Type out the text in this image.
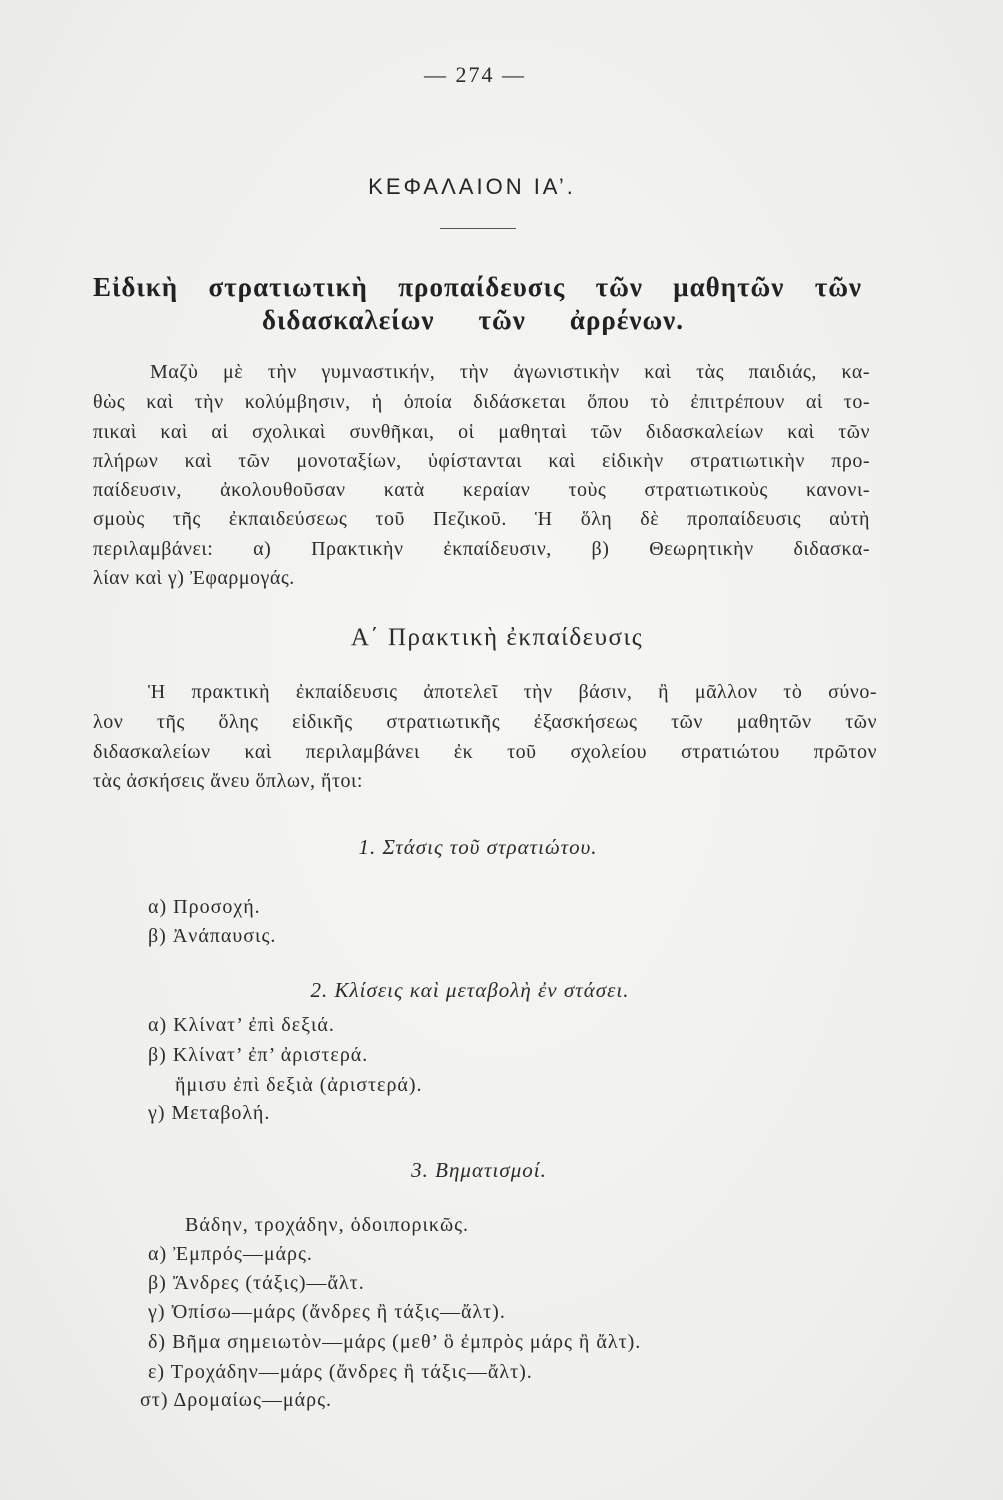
— 274 —
ΚΕΦΑΛΑΙΟΝ ΙΑ’.
Εἰδικὴ στρατιωτικὴ προπαίδευσις τῶν μαθητῶν τῶν
διδασκαλείων τῶν ἀρρένων.
Μαζὺ μὲ τὴν γυμναστικήν, τὴν ἀγωνιστικὴν καὶ τὰς παιδιάς, κα-
θὼς καὶ τὴν κολύμβησιν, ἡ ὁποία διδάσκεται ὅπου τὸ ἐπιτρέπουν αἱ το-
πικαὶ καὶ αἱ σχολικαὶ συνθῆκαι, οἱ μαθηταὶ τῶν διδασκαλείων καὶ τῶν
πλήρων καὶ τῶν μονοταξίων, ὑφίστανται καὶ εἰδικὴν στρατιωτικὴν προ-
παίδευσιν, ἀκολουθοῦσαν κατὰ κεραίαν τοὺς στρατιωτικοὺς κανονι-
σμοὺς τῆς ἐκπαιδεύσεως τοῦ Πεζικοῦ. Ἡ ὅλη δὲ προπαίδευσις αὐτὴ
περιλαμβάνει: α) Πρακτικὴν ἐκπαίδευσιν, β) Θεωρητικὴν διδασκα-
λίαν καὶ γ) Ἐφαρμογάς.
Α΄ Πρακτικὴ ἐκπαίδευσις
Ἡ πρακτικὴ ἐκπαίδευσις ἀποτελεῖ τὴν βάσιν, ἢ μᾶλλον τὸ σύνο-
λον τῆς ὅλης εἰδικῆς στρατιωτικῆς ἐξασκήσεως τῶν μαθητῶν τῶν
διδασκαλείων καὶ περιλαμβάνει ἐκ τοῦ σχολείου στρατιώτου πρῶτον
τὰς ἀσκήσεις ἄνευ ὅπλων, ἤτοι:
1. Στάσις τοῦ στρατιώτου.
α) Προσοχή.
β) Ἀνάπαυσις.
2. Κλίσεις καὶ μεταβολὴ ἐν στάσει.
α) Κλίνατ’ ἐπὶ δεξιά.
β) Κλίνατ’ ἐπ’ ἀριστερά.
ἥμισυ ἐπὶ δεξιὰ (ἀριστερά).
γ) Μεταβολή.
3. Βηματισμοί.
Βάδην, τροχάδην, ὁδοιπορικῶς.
α) Ἐμπρός—μάρς.
β) Ἄνδρες (τάξις)—ἄλτ.
γ) Ὀπίσω—μάρς (ἄνδρες ἢ τάξις—ἄλτ).
δ) Βῆμα σημειωτὸν—μάρς (μεθ’ ὃ ἐμπρὸς μάρς ἢ ἄλτ).
ε) Τροχάδην—μάρς (ἄνδρες ἢ τάξις—ἄλτ).
στ) Δρομαίως—μάρς.
